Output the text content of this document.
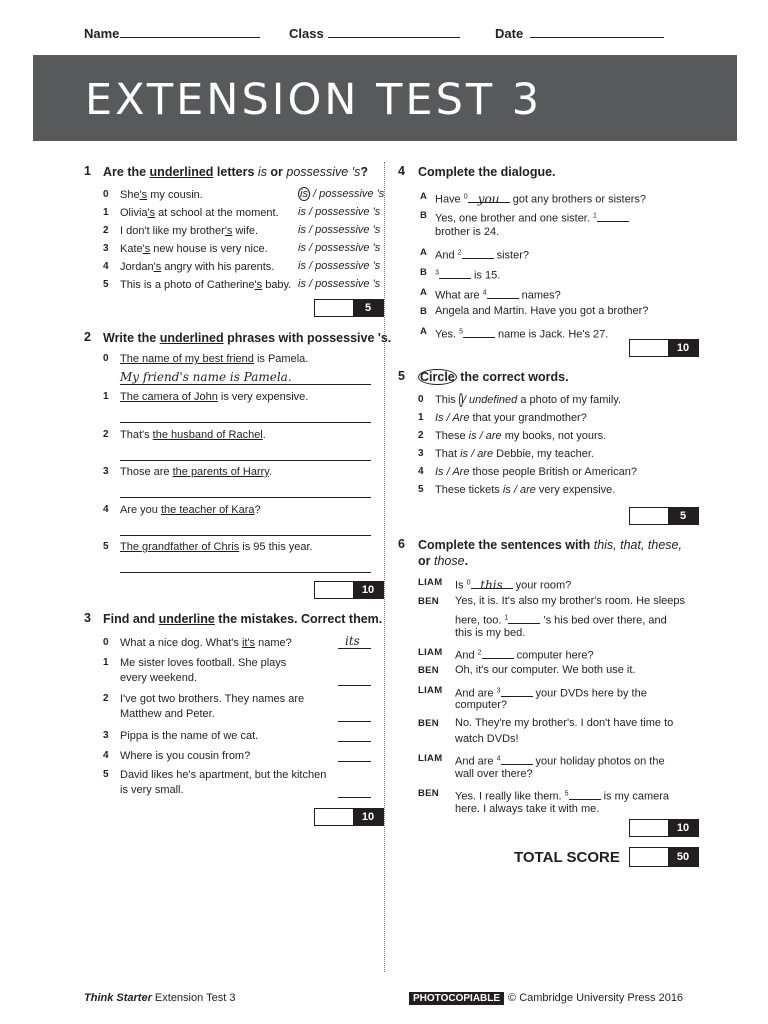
Name	Class	Date
EXTENSION TEST 3
1 Are the underlined letters is or possessive 's?
0 She's my cousin.	is / possessive 's
1 Olivia's at school at the moment. is / possessive 's
2 I don't like my brother's wife.	is / possessive 's
3 Kate's new house is very nice.	is / possessive 's
4 Jordan's angry with his parents. is / possessive 's
5 This is a photo of Catherine's baby. is / possessive 's
5
2 Write the underlined phrases with possessive 's.
0 The name of my best friend is Pamela.
My friend's name is Pamela.
1 The camera of John is very expensive.
2 That's the husband of Rachel.
3 Those are the parents of Harry.
4 Are you the teacher of Kara?
5 The grandfather of Chris is 95 this year.
10
3 Find and underline the mistakes. Correct them.
0 What a nice dog. What's it's name?	its
1 Me sister loves football. She plays
every weekend.
2 I've got two brothers. They names are
Matthew and Peter.
3 Pippa is the name of we cat.
4 Where is you cousin from?
5 David likes he's apartment, but the kitchen
is very small.
10
4 Complete the dialogue.
A Have $^0$ you got any brothers or sisters?
B Yes, one brother and one sister. $^1$
brother is 24.
A And $^2$	sister?
B $^3$	is 15.
A What are $^4$	names?
B Angela and Martin. Have you got a brother?
A Yes. $^5$	name is Jack. He's 27.
10
5 Circle the correct words.
0 This / undefined a photo of my family.
1 Is / Are that your grandmother?
2 These is / are my books, not yours.
3 That is / are Debbie, my teacher.
4 Is / Are those people British or American?
5 These tickets is / are very expensive.
5
6 Complete the sentences with this, that, these,
or those.
LIAM Is $^0$ this your room?
BEN Yes, it is. It's also my brother's room. He sleeps
here, too. $^1$	's his bed over there, and
this is my bed.
LIAM And $^2$	computer here?
BEN Oh, it's our computer. We both use it.
LIAM And are $^3$	your DVDs here by the
computer?
BEN No. They're my brother's. I don't have time to
watch DVDs!
LIAM And are $^4$	your holiday photos on the
wall over there?
BEN Yes. I really like them. $^5$	is my camera
here. I always take it with me.
10
TOTAL SCORE	50
Think Starter Extension Test 3	PHOTOCOPIABLE © Cambridge University Press 2016
